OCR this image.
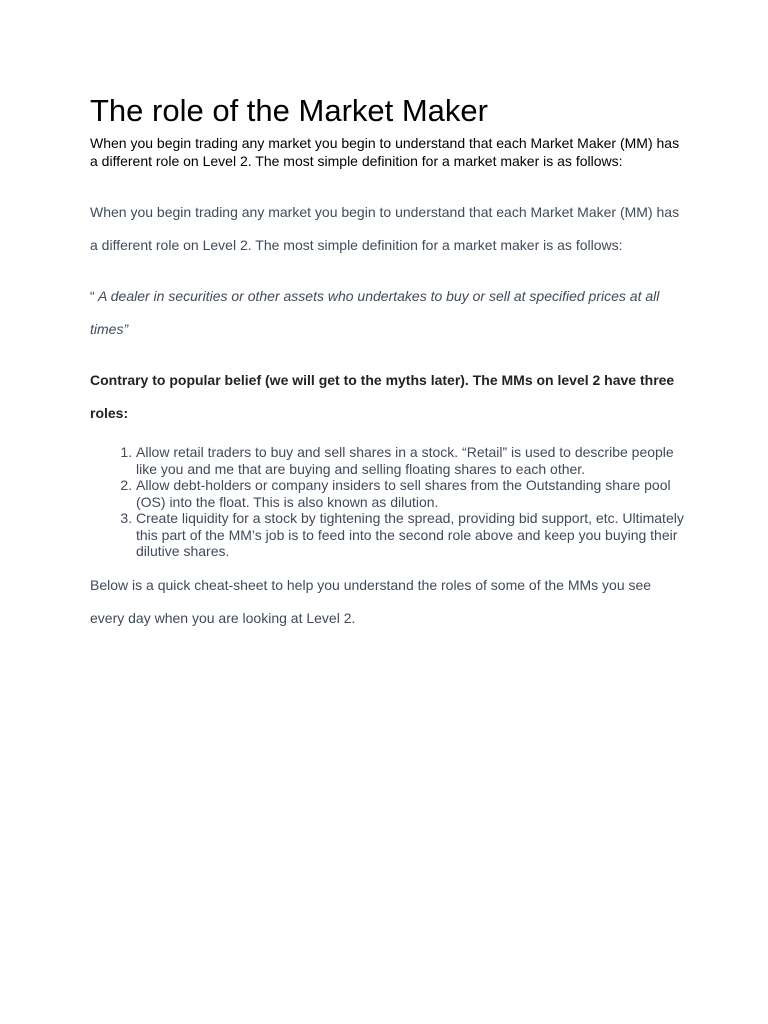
The role of the Market Maker

When you begin trading any market you begin to understand that each Market Maker (MM) has a different role on Level 2. The most simple definition for a market maker is as follows:

When you begin trading any market you begin to understand that each Market Maker (MM) has
a different role on Level 2. The most simple definition for a market maker is as follows:

“ A dealer in securities or other assets who undertakes to buy or sell at specified prices at all
times”

Contrary to popular belief (we will get to the myths later). The MMs on level 2 have three
roles:

1. Allow retail traders to buy and sell shares in a stock. “Retail” is used to describe people like you and me that are buying and selling floating shares to each other.
2. Allow debt-holders or company insiders to sell shares from the Outstanding share pool (OS) into the float. This is also known as dilution.
3. Create liquidity for a stock by tightening the spread, providing bid support, etc. Ultimately this part of the MM’s job is to feed into the second role above and keep you buying their dilutive shares.

Below is a quick cheat-sheet to help you understand the roles of some of the MMs you see
every day when you are looking at Level 2.
